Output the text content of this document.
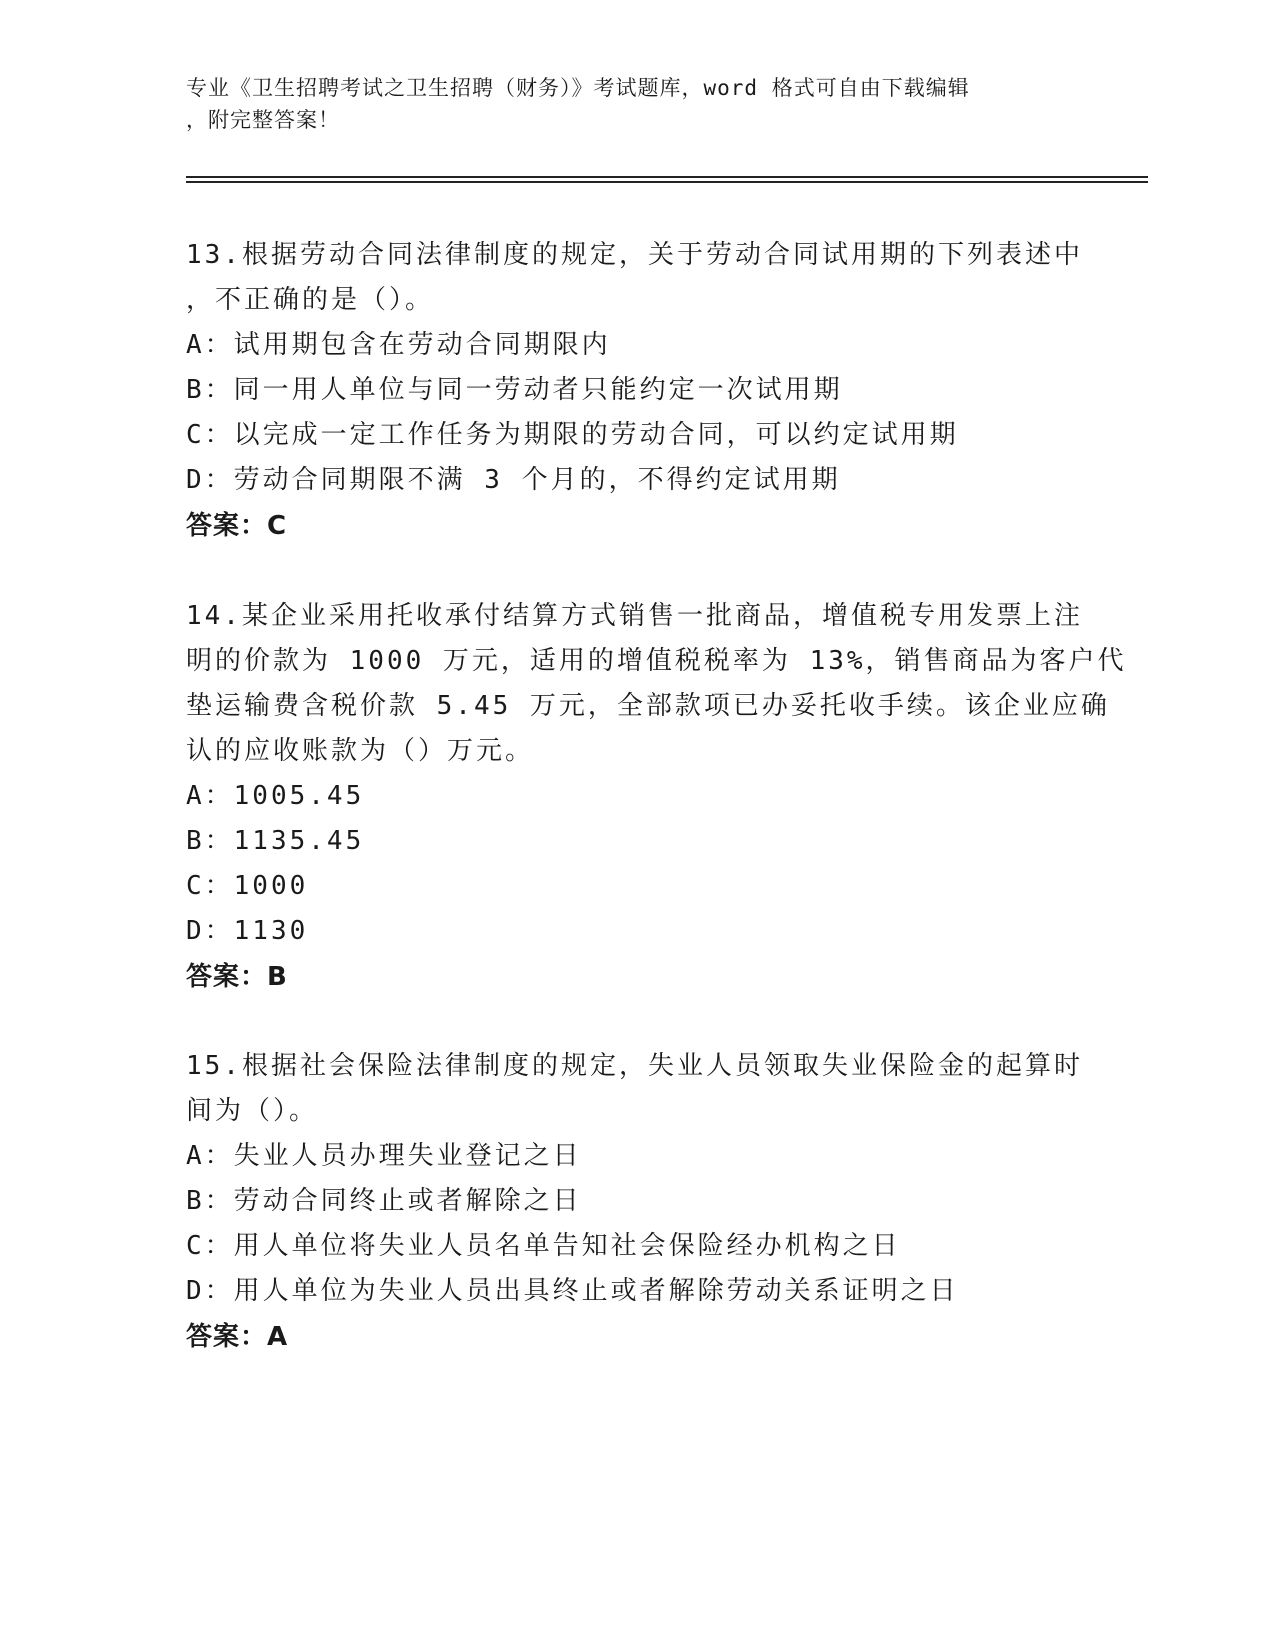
专业《卫生招聘考试之卫生招聘（财务）》考试题库，word 格式可自由下载编辑
，附完整答案！
13.根据劳动合同法律制度的规定，关于劳动合同试用期的下列表述中
，不正确的是（）。
A：试用期包含在劳动合同期限内
B：同一用人单位与同一劳动者只能约定一次试用期
C：以完成一定工作任务为期限的劳动合同，可以约定试用期
D：劳动合同期限不满 3 个月的，不得约定试用期
答案：C
14.某企业采用托收承付结算方式销售一批商品，增值税专用发票上注
明的价款为 1000 万元，适用的增值税税率为 13%，销售商品为客户代
垫运输费含税价款 5.45 万元，全部款项已办妥托收手续。该企业应确
认的应收账款为（）万元。
A：1005.45
B：1135.45
C：1000
D：1130
答案：B
15.根据社会保险法律制度的规定，失业人员领取失业保险金的起算时
间为（）。
A：失业人员办理失业登记之日
B：劳动合同终止或者解除之日
C：用人单位将失业人员名单告知社会保险经办机构之日
D：用人单位为失业人员出具终止或者解除劳动关系证明之日
答案：A
